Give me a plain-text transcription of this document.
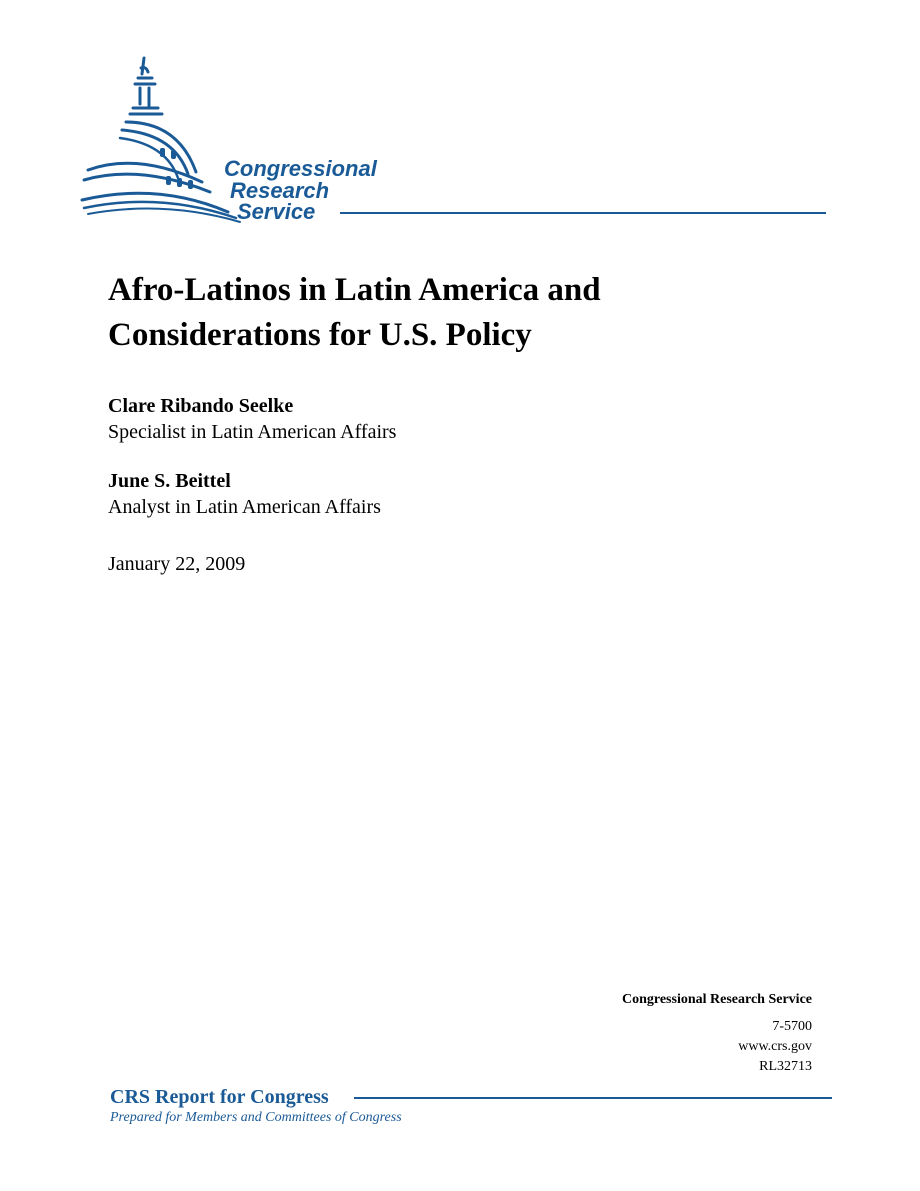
Congressional
Research
Service
Afro-Latinos in Latin America and
Considerations for U.S. Policy
Clare Ribando Seelke
Specialist in Latin American Affairs
June S. Beittel
Analyst in Latin American Affairs
January 22, 2009
Congressional Research Service
7-5700
www.crs.gov
RL32713
CRS Report for Congress
Prepared for Members and Committees of Congress
